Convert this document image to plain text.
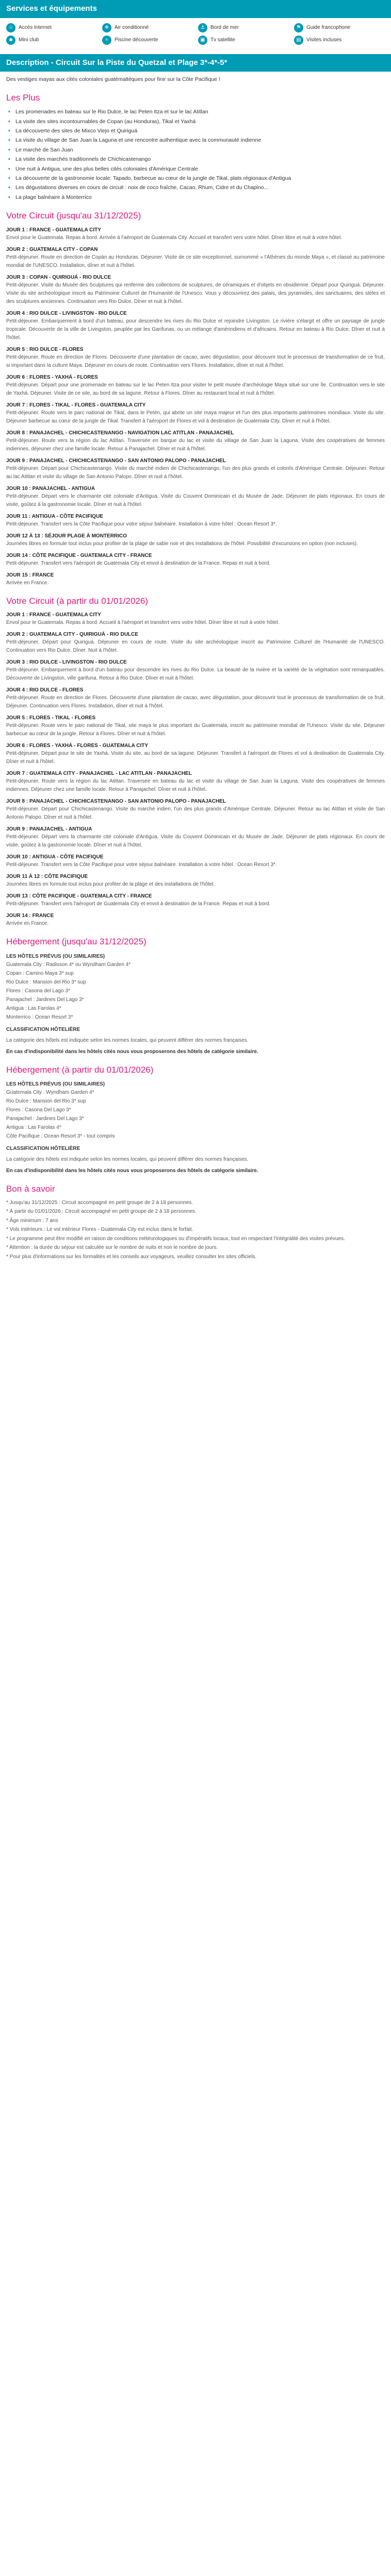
Services et équipements
☺ Accès Internet	❄	Air conditionné	⚓	Bord de mer	⚑	Guide francophone
☻ Mini club	≈	Piscine découverte	▣	Tv satellite	▤	Visites incluses
Description - Circuit Sur la Piste du Quetzal et Plage 3*-4*-5*

Des vestiges mayas aux cités coloniales guatémaltèques pour finir sur la Côte Pacifique !

Les Plus
▪ Les promenades en bateau sur le Rio Dulce, le lac Peten Itza et sur le lac Atitlan
▪ La visite des sites incontournables de Copan (au Honduras), Tikal et Yaxhá
▪ La découverte des sites de Mixco Viejo et Quiriguá
▪ La visite du village de San Juan la Laguna et une rencontre authentique avec la communauté indienne
▪ Le marché de San Juan
▪ La visite des marchés traditionnels de Chichicastenango
▪ Une nuit à Antigua, une des plus belles cités coloniales d'Amérique Centrale
▪ La découverte de la gastronomie locale: Tapado, barbecue au cœur de la jungle de Tikal, plats régionaux d'Antigua
▪ Les dégustations diverses en cours de circuit : noix de coco fraîche, Cacao, Rhum, Cidre et du Chapino...
▪ La plage balnéaire à Monterrico
Votre Circuit (jusqu'au 31/12/2025)
JOUR 1 : FRANCE - GUATEMALA CITY

Envol pour le Guatemala. Repas à bord. Arrivée à l'aéroport de Guatemala City. Accueil et transfert vers votre hôtel. Dîner libre et nuit à votre hôtel.

JOUR 2 : GUATEMALA CITY - COPAN

Petit-déjeuner. Route en direction de Copán au Honduras. Déjeuner. Visite de ce site exceptionnel, surnommé « l'Athènes du monde Maya », et classé au patrimoine mondial de l'UNESCO. Installation, dîner et nuit à l'hôtel.

JOUR 3 : COPAN - QUIRIGUÁ - RIO DULCE

Petit-déjeuner. Visite du Musée des Sculptures qui renferme des collections de sculptures, de céramiques et d'objets en obsidienne. Départ pour Quiriguá. Déjeuner. Visite du site archéologique inscrit au Patrimoine Culturel de l'Humanité de l'Unesco. Vous y découvrirez des palais, des pyramides, des sanctuaires, des stèles et des sculptures anciennes. Continuation vers Rio Dulce. Dîner et nuit à l'hôtel.

JOUR 4 : RIO DULCE - LIVINGSTON - RIO DULCE

Petit-déjeuner. Embarquement à bord d'un bateau, pour descendre les rives du Rio Dulce et rejoindre Livingston. Le rivière s'élargit et offre un paysage de jungle tropicale. Découverte de la ville de Livingston, peuplée par les Garifunas, ou un mélange d'amérindiens et d'africains. Retour en bateau à Rio Dulce. Dîner et nuit à l'hôtel.

JOUR 5 : RIO DULCE - FLORES

Petit-déjeuner. Route en direction de Flores. Découverte d'une plantation de cacao, avec dégustation, pour découvrir tout le processus de transformation de ce fruit, si important dans la culture Maya. Déjeuner en cours de route. Continuation vers Flores. Installation, dîner et nuit à l'hôtel.

JOUR 6 : FLORES - YAXHÁ - FLORES

Petit-déjeuner. Départ pour une promenade en bateau sur le lac Peten Itza pour visiter le petit musée d'archéologie Maya situé sur une île. Continuation vers le site de Yaxhá. Déjeuner. Visite de ce site, au bord de sa lagune. Retour à Flores. Dîner au restaurant local et nuit à l'hôtel.

JOUR 7 : FLORES - TIKAL - FLORES - GUATEMALA CITY

Petit-déjeuner. Route vers le parc national de Tikal, dans le Petén, qui abrite un site maya majeur et l'un des plus importants patrimoines mondiaux. Visite du site. Déjeuner barbecue au cœur de la jungle de Tikal. Transfert à l'aéroport de Flores et vol à destination de Guatemala City. Dîner et nuit à l'hôtel.

JOUR 8 : PANAJACHEL - CHICHICASTENANGO - NAVIGATION LAC ATITLAN - PANAJACHEL

Petit-déjeuner. Route vers la région du lac Atitlan. Traversée en barque du lac et visite du village de San Juan la Laguna. Visite des coopératives de femmes indiennes, déjeuner chez une famille locale. Retour à Panajachel. Dîner et nuit à l'hôtel.

JOUR 9 : PANAJACHEL - CHICHICASTENANGO - SAN ANTONIO PALOPO - PANAJACHEL

Petit-déjeuner. Départ pour Chichicastenango. Visite du marché indien de Chichicastenango, l'un des plus grands et colorés d'Amérique Centrale. Déjeuner. Retour au lac Atitlan et visite du village de San Antonio Palopo. Dîner et nuit à l'hôtel.

JOUR 10 : PANAJACHEL - ANTIGUA

Petit-déjeuner. Départ vers le charmante cité coloniale d'Antigua. Visite du Couvent Dominicain et du Musée de Jade. Déjeuner de plats régionaux. En cours de visite, goûtez à la gastronomie locale. Dîner et nuit à l'hôtel.

JOUR 11 : ANTIGUA - CÔTE PACIFIQUE

Petit-déjeuner. Transfert vers la Côte Pacifique pour votre séjour balnéaire. Installation à votre hôtel : Ocean Resort 3*.

JOUR 12 À 13 : SÉJOUR PLAGE À MONTERRICO

Journées libres en formule tout inclus pour profiter de la plage de sable noir et des installations de l'hôtel. Possibilité d'excursions en option (non incluses).

JOUR 14 : CÔTE PACIFIQUE - GUATEMALA CITY - FRANCE

Petit-déjeuner. Transfert vers l'aéroport de Guatemala City et envol à destination de la France. Repas et nuit à bord.

JOUR 15 : FRANCE

Arrivée en France.

Votre Circuit (à partir du 01/01/2026)
JOUR 1 : FRANCE - GUATEMALA CITY

Envol pour le Guatemala. Repas à bord. Accueil à l'aéroport et transfert vers votre hôtel. Dîner libre et nuit à votre hôtel.

JOUR 2 : GUATEMALA CITY - QUIRIGUÁ - RIO DULCE

Petit-déjeuner. Départ pour Quiriguá. Déjeuner en cours de route. Visite du site archéologique inscrit au Patrimoine Culturel de l'Humanité de l'UNESCO. Continuation vers Rio Dulce. Dîner. Nuit à l'hôtel.

JOUR 3 : RIO DULCE - LIVINGSTON - RIO DULCE

Petit-déjeuner. Embarquement à bord d'un bateau pour descendre les rives du Rio Dulce. La beauté de la rivière et la variété de la végétation sont remarquables. Découverte de Livingston, ville garifuna. Retour à Rio Dulce. Dîner et nuit à l'hôtel.

JOUR 4 : RIO DULCE - FLORES

Petit-déjeuner. Route en direction de Flores. Découverte d'une plantation de cacao, avec dégustation, pour découvrir tout le processus de transformation de ce fruit. Déjeuner. Continuation vers Flores. Installation, dîner et nuit à l'hôtel.

JOUR 5 : FLORES - TIKAL - FLORES

Petit-déjeuner. Route vers le parc national de Tikal, site maya le plus important du Guatemala, inscrit au patrimoine mondial de l'Unesco. Visite du site. Déjeuner barbecue au cœur de la jungle. Retour à Flores. Dîner et nuit à l'hôtel.

JOUR 6 : FLORES - YAXHÁ - FLORES - GUATEMALA CITY

Petit-déjeuner. Départ pour le site de Yaxhá. Visite du site, au bord de sa lagune. Déjeuner. Transfert à l'aéroport de Flores et vol à destination de Guatemala City. Dîner et nuit à l'hôtel.

JOUR 7 : GUATEMALA CITY - PANAJACHEL - LAC ATITLAN - PANAJACHEL

Petit-déjeuner. Route vers la région du lac Atitlan. Traversée en bateau du lac et visite du village de San Juan la Laguna. Visite des coopératives de femmes indiennes. Déjeuner chez une famille locale. Retour à Panajachel. Dîner et nuit à l'hôtel.

JOUR 8 : PANAJACHEL - CHICHICASTENANGO - SAN ANTONIO PALOPO - PANAJACHEL

Petit-déjeuner. Départ pour Chichicastenango. Visite du marché indien, l'un des plus grands d'Amérique Centrale. Déjeuner. Retour au lac Atitlan et visite de San Antonio Palopo. Dîner et nuit à l'hôtel.

JOUR 9 : PANAJACHEL - ANTIGUA

Petit-déjeuner. Départ vers la charmante cité coloniale d'Antigua. Visite du Couvent Dominicain et du Musée de Jade. Déjeuner de plats régionaux. En cours de visite, goûtez à la gastronomie locale. Dîner et nuit à l'hôtel.

JOUR 10 : ANTIGUA - CÔTE PACIFIQUE

Petit-déjeuner. Transfert vers la Côte Pacifique pour votre séjour balnéaire. Installation à votre hôtel : Ocean Resort 3*.

JOUR 11 À 12 : CÔTE PACIFIQUE

Journées libres en formule tout inclus pour profiter de la plage et des installations de l'hôtel.

JOUR 13 : CÔTE PACIFIQUE - GUATEMALA CITY - FRANCE

Petit-déjeuner. Transfert vers l'aéroport de Guatemala City et envol à destination de la France. Repas et nuit à bord.

JOUR 14 : FRANCE

Arrivée en France.

Hébergement (jusqu'au 31/12/2025)
LES HÔTELS PRÉVUS (OU SIMILAIRES)
Guatemala City : Radisson 4* ou Wyndham Garden 4*
Copan : Camino Maya 3* sup
Rio Dulce : Mansion del Rio 3* sup
Flores : Casona del Lago 3*
Panajachel : Jardines Del Lago 3*
Antigua : Las Farolas 4*
Monterrico : Ocean Resort 3*
CLASSIFICATION HÔTELIÈRE

La catégorie des hôtels est indiquée selon les normes locales, qui peuvent différer des normes françaises.

En cas d'indisponibilité dans les hôtels cités nous vous proposerons des hôtels de catégorie similaire.

Hébergement (à partir du 01/01/2026)
LES HÔTELS PRÉVUS (OU SIMILAIRES)
Guatemala City : Wyndham Garden 4*
Rio Dulce : Mansion del Rio 3* sup
Flores : Casona Del Lago 3*
Panajachel : Jardines Del Lago 3*
Antigua : Las Farolas 4*
Côte Pacifique : Ocean Resort 3* - tout compris
CLASSIFICATION HÔTELIÈRE

La catégorie des hôtels est indiquée selon les normes locales, qui peuvent différer des normes françaises.

En cas d'indisponibilité dans les hôtels cités nous vous proposerons des hôtels de catégorie similaire.

Bon à savoir

* Jusqu'au 31/12/2025 : Circuit accompagné en petit groupe de 2 à 18 personnes.

* À partir du 01/01/2026 : Circuit accompagné en petit groupe de 2 à 18 personnes.

* Âge minimum : 7 ans

* Vols Intérieurs : Le vol intérieur Flores - Guatemala City est inclus dans le forfait.

* Le programme peut être modifié en raison de conditions météorologiques ou d'impératifs locaux, tout en respectant l'intégralité des visites prévues.

* Attention : la durée du séjour est calculée sur le nombre de nuits et non le nombre de jours.

* Pour plus d'informations sur les formalités et les conseils aux voyageurs, veuillez consulter les sites officiels.
